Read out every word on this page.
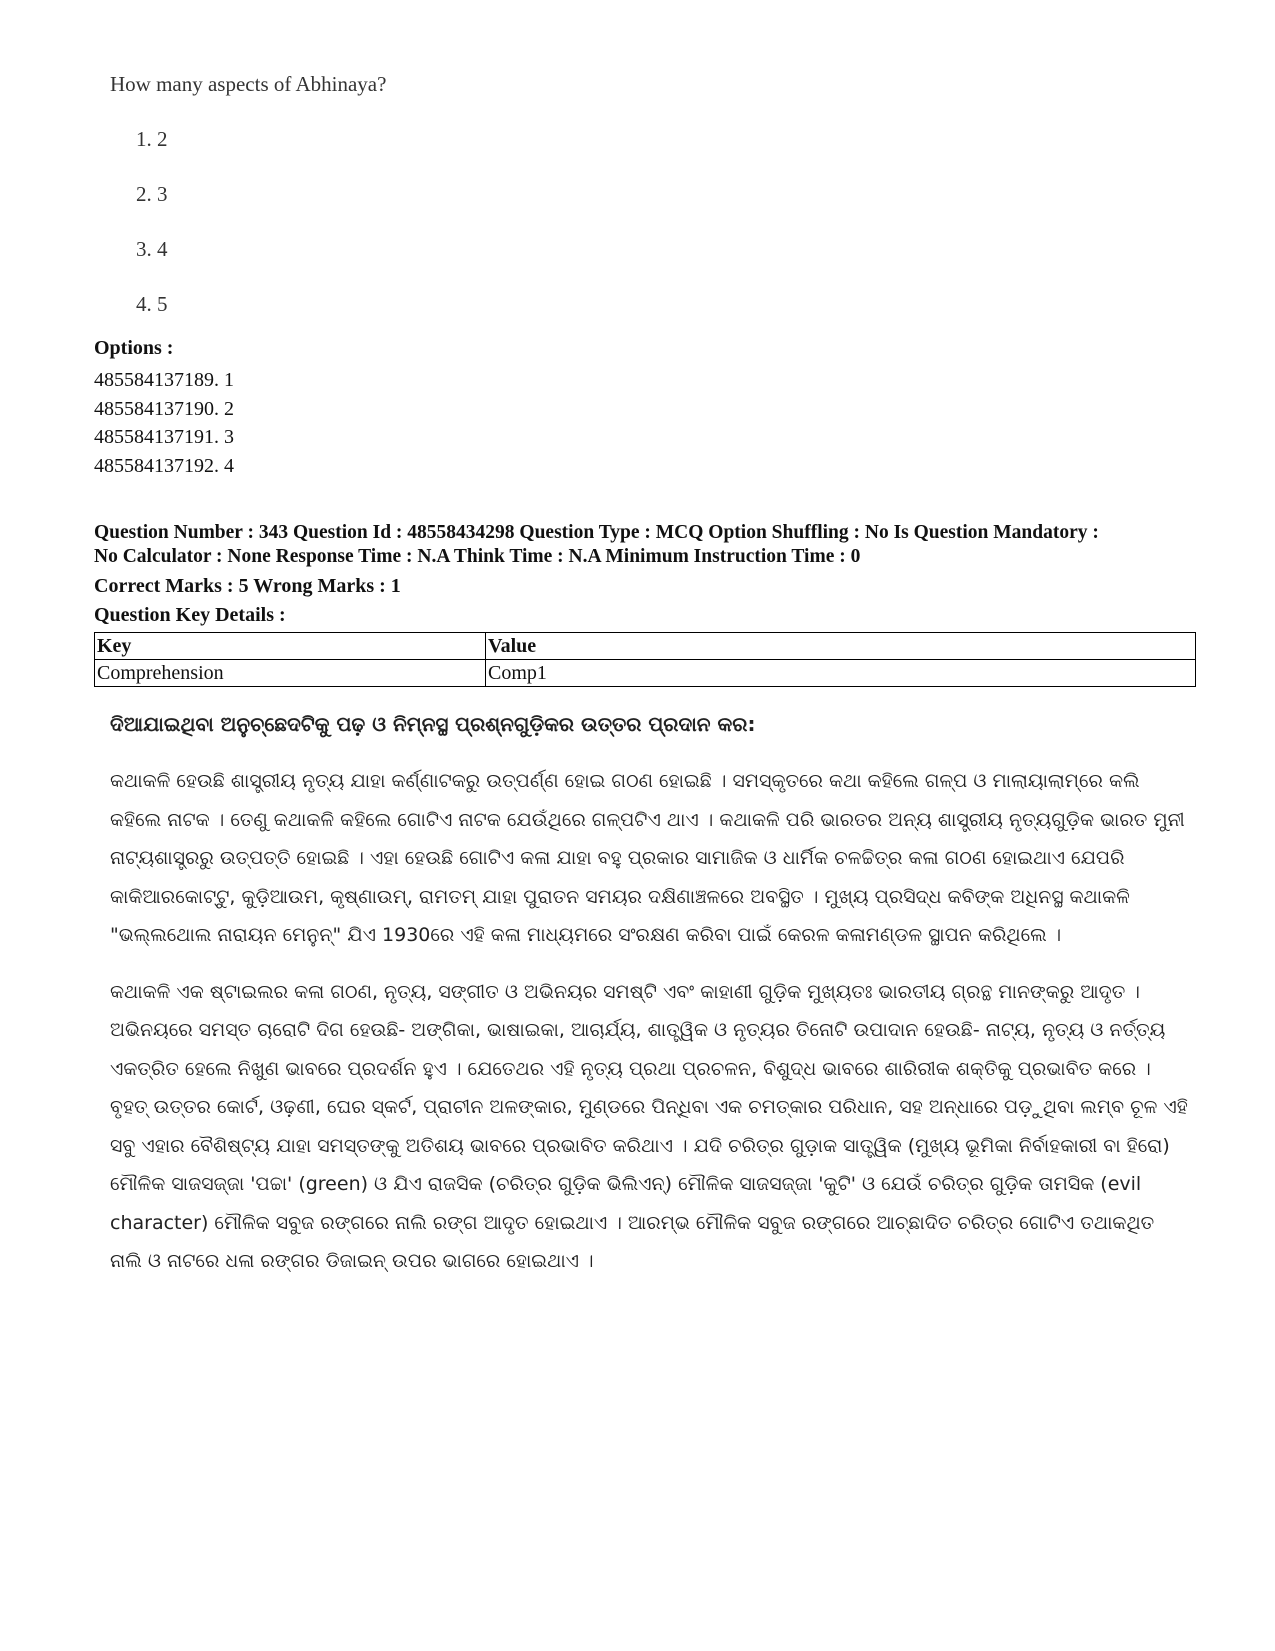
How many aspects of Abhinaya?
1. 2
2. 3
3. 4
4. 5
Options :
485584137189. 1
485584137190. 2
485584137191. 3
485584137192. 4
Question Number : 343 Question Id : 48558434298 Question Type : MCQ Option Shuffling : No Is Question Mandatory :
No Calculator : None Response Time : N.A Think Time : N.A Minimum Instruction Time : 0
Correct Marks : 5 Wrong Marks : 1
Question Key Details :
Key	Value
Comprehension	Comp1
ଦିଆଯାଇଥିବା ଅନୁଚ୍ଛେଦଟିକୁ ପଢ଼ ଓ ନିମ୍ନସ୍ଥ ପ୍ରଶ୍ନଗୁଡ଼ିକର ଉତ୍ତର ପ୍ରଦାନ କର:
କଥାକଳି ହେଉଛି ଶାସ୍ତ୍ରୀୟ ନୃତ୍ୟ ଯାହା କର୍ଣ୍ଣାଟକରୁ ଉତ୍ପର୍ଣ୍ଣ ହୋଇ ଗଠଣ ହୋଇଛି । ସମସ୍କୃତରେ କଥା କହିଲେ ଗଳ୍ପ ଓ ମାଲାୟାଲାମ୍‌ରେ କଲି କହିଲେ ନାଟକ । ତେଣୁ କଥାକଳି କହିଲେ ଗୋଟିଏ ନାଟକ ଯେଉଁଥିରେ ଗଳ୍ପଟିଏ ଥାଏ । କଥାକଳି ପରି ଭାରତର ଅନ୍ୟ ଶାସ୍ତ୍ରୀୟ ନୃତ୍ୟଗୁଡ଼ିକ ଭାରତ ମୁନୀ ନାଟ୍ୟଶାସ୍ତ୍ରରୁ ଉତ୍ପତ୍ତି ହୋଇଛି । ଏହା ହେଉଛି ଗୋଟିଏ କଳା ଯାହା ବହୁ ପ୍ରକାର ସାମାଜିକ ଓ ଧାର୍ମିକ ଚଳଚ୍ଚିତ୍ର କଳା ଗଠଣ ହୋଇଥାଏ ଯେପରି କାକିଆରକୋଟ୍ଟୁ, କୁଡ଼ିଆଉମ, କୃଷ୍ଣାଉମ୍, ରାମତମ୍ ଯାହା ପୁରାତନ ସମୟର ଦକ୍ଷିଣାଞ୍ଚଳରେ ଅବସ୍ଥିତ । ମୁଖ୍ୟ ପ୍ରସିଦ୍ଧ କବିଙ୍କ ଅଧିନସ୍ଥ କଥାକଳି "ଭଲ୍ଲଥୋଲ ନାରାୟନ ମେନୁନ୍" ଯିଏ 1930ରେ ଏହି କଳା ମାଧ୍ୟମରେ ସଂରକ୍ଷଣ କରିବା ପାଇଁ କେରଳ କଳାମଣ୍ଡଳ ସ୍ଥାପନ କରିଥିଲେ ।
କଥାକଳି ଏକ ଷ୍ଟାଇଲର କଳା ଗଠଣ, ନୃତ୍ୟ, ସଙ୍ଗୀତ ଓ ଅଭିନୟର ସମଷ୍ଟି ଏବଂ କାହାଣୀ ଗୁଡ଼ିକ ମୁଖ୍ୟତଃ ଭାରତୀୟ ଗ୍ରନ୍ଥ ମାନଙ୍କରୁ ଆଦୃତ । ଅଭିନୟରେ ସମସ୍ତ ଚାରୋଟି ଦିଗ ହେଉଛି- ଅଙ୍ଗିକା, ଭାଷାଇକା, ଆଚାର୍ଯ୍ୟ, ଶାତ୍ତ୍ୱିକ ଓ ନୃତ୍ୟର ତିନୋଟି ଉପାଦାନ ହେଉଛି- ନାଟ୍ୟ, ନୃତ୍ୟ ଓ ନର୍ତ୍ତ୍ୟ ଏକତ୍ରିତ ହେଲେ ନିଖୁଣ ଭାବରେ ପ୍ରଦର୍ଶନ ହୁଏ । ଯେତେଥର ଏହି ନୃତ୍ୟ ପ୍ରଥା ପ୍ରଚଳନ, ବିଶୁଦ୍ଧ ଭାବରେ ଶାରିରୀକ ଶକ୍ତିକୁ ପ୍ରଭାବିତ କରେ । ବୃହତ୍ ଉତ୍ତର କୋର୍ଟ, ଓଢ଼ଣୀ, ଘେର ସ୍କର୍ଟ, ପ୍ରାଚୀନ ଅଳଙ୍କାର, ମୁଣ୍ଡରେ ପିନ୍ଧିବା ଏକ ଚମତ୍କାର ପରିଧାନ, ସହ ଅନ୍ଧାରେ ପଡ଼ୁଥିବା ଲମ୍ବ ଚୂଳ ଏହି ସବୁ ଏହାର ବୈଶିଷ୍ଟ୍ୟ ଯାହା ସମସ୍ତଙ୍କୁ ଅତିଶୟ ଭାବରେ ପ୍ରଭାବିତ କରିଥାଏ । ଯଦି ଚରିତ୍ର ଗୁଡ଼ାକ ସାତ୍ତ୍ୱିକ (ମୁଖ୍ୟ ଭୂମିକା ନିର୍ବାହକାରୀ ବା ହିରୋ) ମୌଳିକ ସାଜସଜ୍ଜା 'ପଚ୍ଚା' (green) ଓ ଯିଏ ରାଜସିକ (ଚରିତ୍ର ଗୁଡ଼ିକ ଭିଲିଏନ୍) ମୌଳିକ ସାଜସଜ୍ଜା 'କୁଟି' ଓ ଯେଉଁ ଚରିତ୍ର ଗୁଡ଼ିକ ତାମସିକ (evil character) ମୌଳିକ ସବୁଜ ରଙ୍ଗରେ ନାଲି ରଙ୍ଗ ଆଦୃତ ହୋଇଥାଏ । ଆରମ୍ଭ ମୌଳିକ ସବୁଜ ରଙ୍ଗରେ ଆଚ୍ଛାଦିତ ଚରିତ୍ର ଗୋଟିଏ ତଥାକଥିତ ନାଲି ଓ ନାଟରେ ଧଳା ରଙ୍ଗର ଡିଜାଇନ୍ ଉପର ଭାଗରେ ହୋଇଥାଏ ।
